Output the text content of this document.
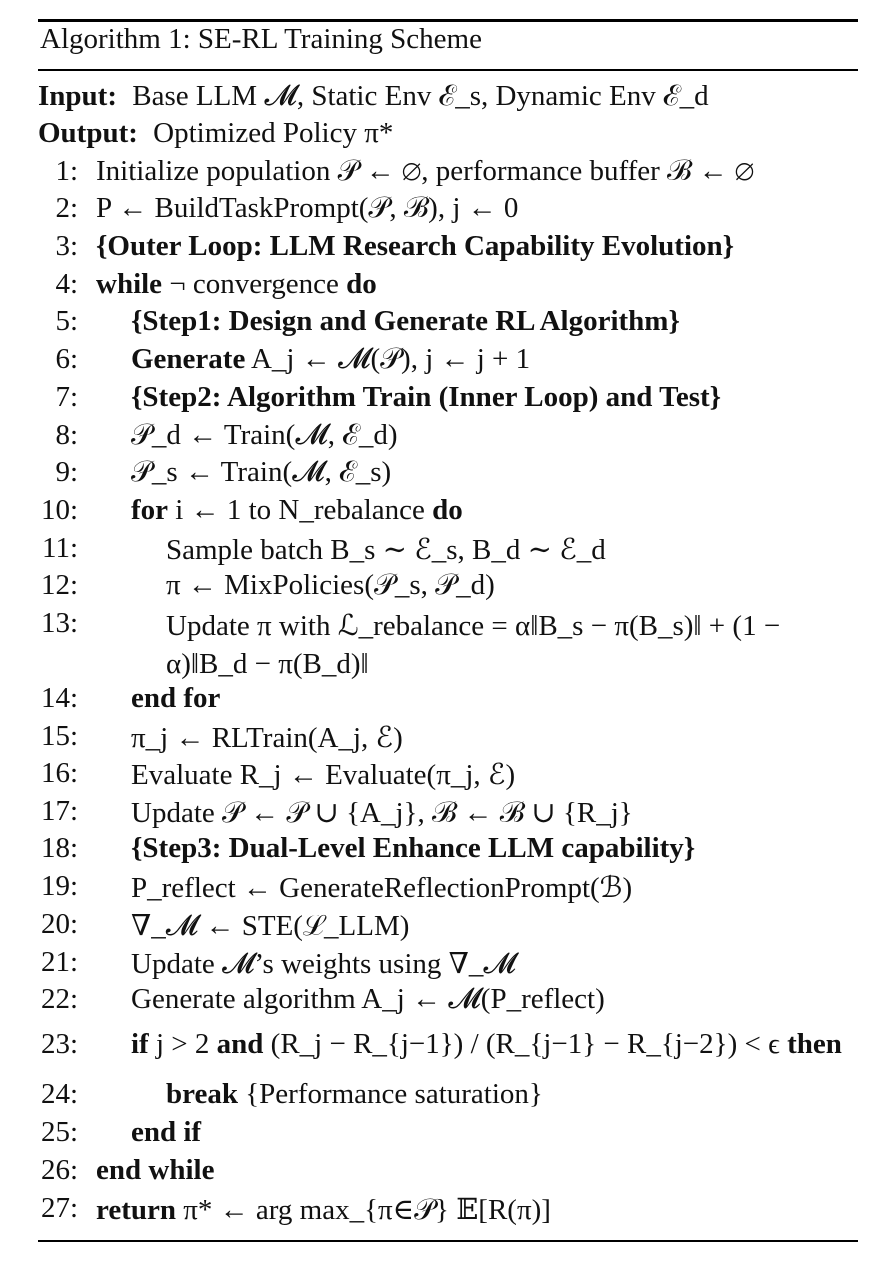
Algorithm 1: SE-RL Training Scheme
Input: Base LLM 𝓜, Static Env ℰ_s, Dynamic Env ℰ_d
Output: Optimized Policy π*
1: Initialize population 𝒫 ← ∅, performance buffer ℬ ← ∅
2: P ← BuildTaskPrompt(𝒫, ℬ), j ← 0
3: {Outer Loop: LLM Research Capability Evolution}
4: while ¬ convergence do
5: {Step1: Design and Generate RL Algorithm}
6: Generate A_j ← 𝓜(𝒫), j ← j + 1
7: {Step2: Algorithm Train (Inner Loop) and Test}
8: 𝒫_d ← Train(𝓜, ℰ_d)
9: 𝒫_s ← Train(𝓜, ℰ_s)
10: for i ← 1 to N_rebalance do
11:	Sample batch B_s ∼ ℰ_s, B_d ∼ ℰ_d
12:	π ← MixPolicies(𝒫_s, 𝒫_d)
13:	Update π with ℒ_rebalance = α‖B_s − π(B_s)‖ + (1 − α)‖B_d − π(B_d)‖
14: end for
15: π_j ← RLTrain(A_j, ℰ)
16: Evaluate R_j ← Evaluate(π_j, ℰ)
17: Update 𝒫 ← 𝒫 ∪ {A_j}, ℬ ← ℬ ∪ {R_j}
18: {Step3: Dual-Level Enhance LLM capability}
19: P_reflect ← GenerateReflectionPrompt(ℬ)
20: ∇_𝓜 ← STE(ℒ_LLM)
21: Update 𝓜’s weights using ∇_𝓜
22: Generate algorithm A_j ← 𝓜(P_reflect)
23: if j > 2 and (R_j − R_{j−1}) / (R_{j−1} − R_{j−2}) < ϵ then
24:	break {Performance saturation}
25: end if
26: end while
27: return π* ← arg max_{π∈𝒫} 𝔼[R(π)]
